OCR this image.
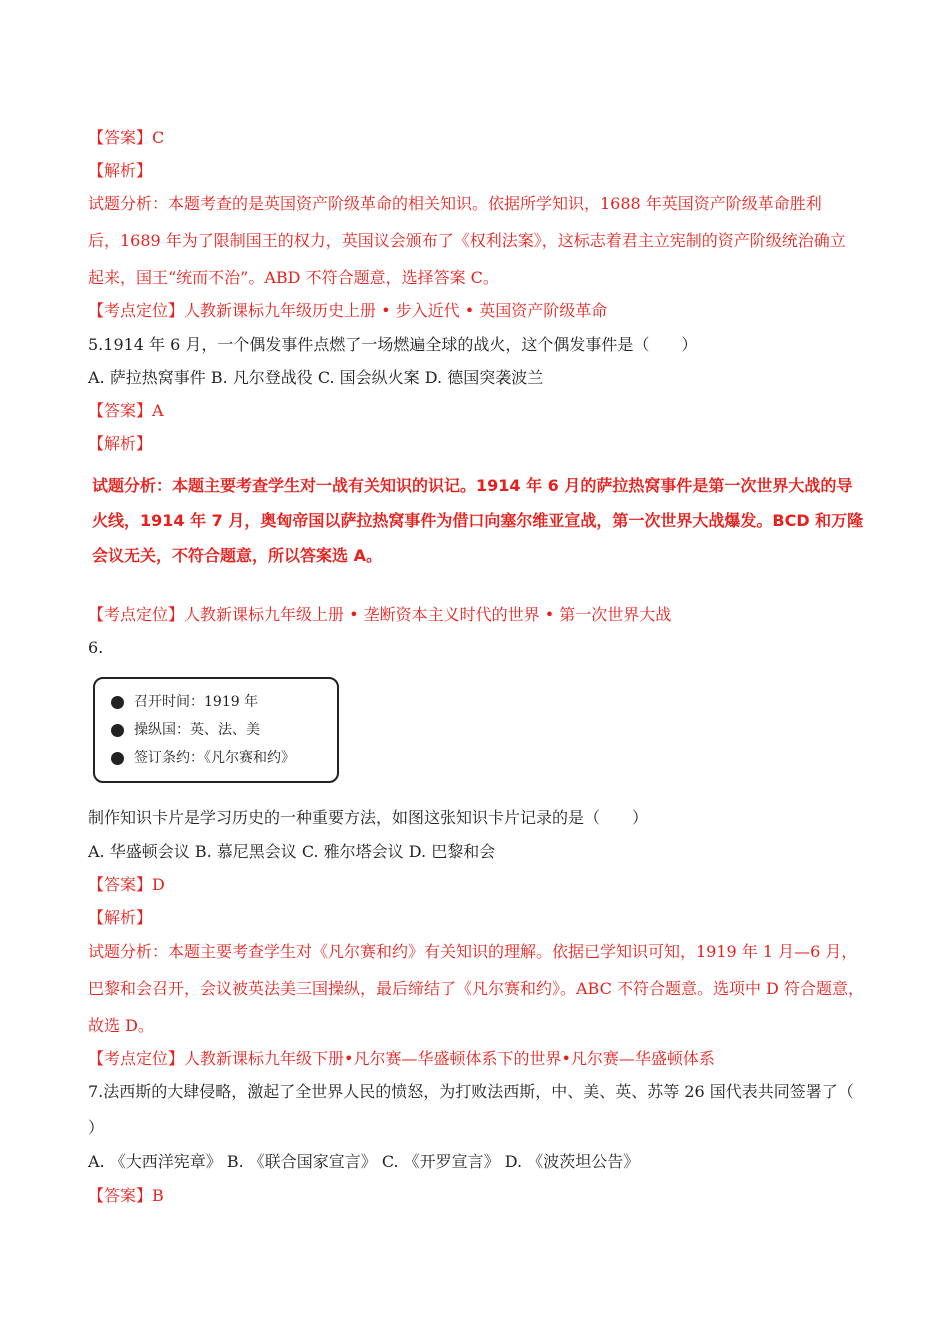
【答案】C
【解析】
试题分析：本题考查的是英国资产阶级革命的相关知识。依据所学知识，1688 年英国资产阶级革命胜利
后，1689 年为了限制国王的权力，英国议会颁布了《权利法案》，这标志着君主立宪制的资产阶级统治确立
起来，国王“统而不治”。ABD 不符合题意，选择答案 C。
【考点定位】人教新课标九年级历史上册 • 步入近代 • 英国资产阶级革命
5.1914 年 6 月，一个偶发事件点燃了一场燃遍全球的战火，这个偶发事件是（　　）
A. 萨拉热窝事件 B. 凡尔登战役 C. 国会纵火案 D. 德国突袭波兰
【答案】A
【解析】
试题分析：本题主要考查学生对一战有关知识的识记。1914 年 6 月的萨拉热窝事件是第一次世界大战的导
火线，1914 年 7 月，奥匈帝国以萨拉热窝事件为借口向塞尔维亚宣战，第一次世界大战爆发。BCD 和万隆
会议无关，不符合题意，所以答案选 A。
【考点定位】人教新课标九年级上册 • 垄断资本主义时代的世界 • 第一次世界大战
6.
召开时间：1919 年
操纵国：英、法、美
签订条约：《凡尔赛和约》
制作知识卡片是学习历史的一种重要方法，如图这张知识卡片记录的是（　　）
A. 华盛顿会议 B. 慕尼黑会议 C. 雅尔塔会议 D. 巴黎和会
【答案】D
【解析】
试题分析：本题主要考查学生对《凡尔赛和约》有关知识的理解。依据已学知识可知，1919 年 1 月—6 月，
巴黎和会召开，会议被英法美三国操纵，最后缔结了《凡尔赛和约》。ABC 不符合题意。选项中 D 符合题意，
故选 D。
【考点定位】人教新课标九年级下册•凡尔赛—华盛顿体系下的世界•凡尔赛—华盛顿体系
7.法西斯的大肆侵略，激起了全世界人民的愤怒，为打败法西斯，中、美、英、苏等 26 国代表共同签署了（
）
A. 《大西洋宪章》 B. 《联合国家宣言》 C. 《开罗宣言》 D. 《波茨坦公告》
【答案】B
